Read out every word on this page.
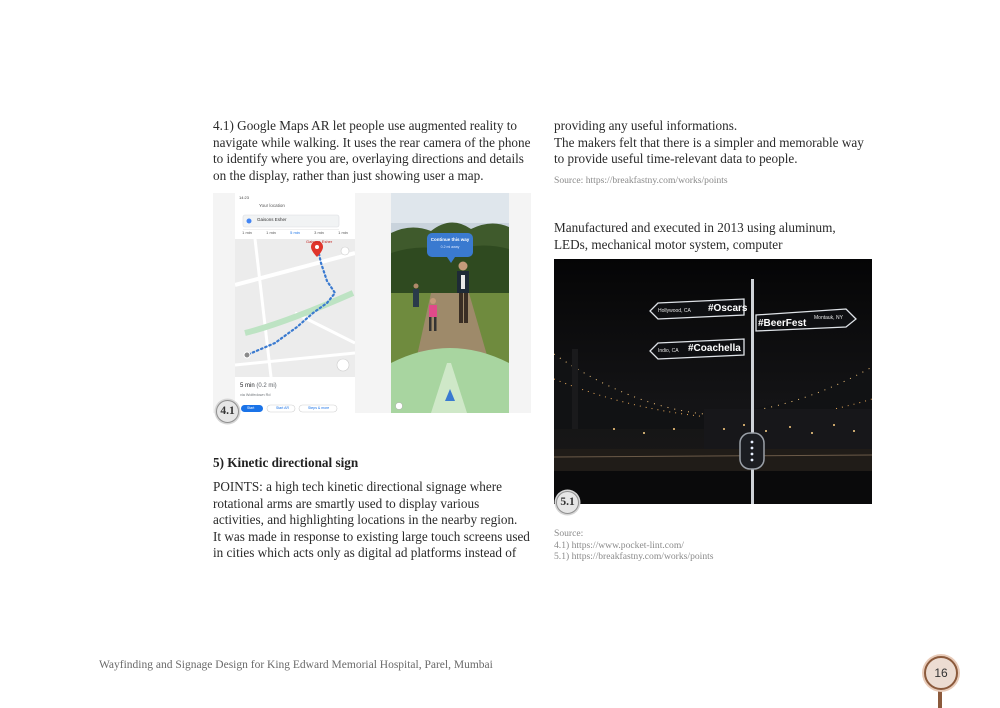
4.1) Google Maps AR let people use augmented reality to
navigate while walking. It uses the rear camera of the phone
to identify where you are, overlaying directions and details
on the display, rather than just showing user a map.
14:23
Your location
Gaisons Esher
1 min	1 min	5 min	3 min	1 min
Gaisons Esher
5 min (0.2 mi)
via Wolfedown Rd
Start	Start AR	Steps & more
Continue this way
0.2 mi away
4.1
5) Kinetic directional sign
POINTS: a high tech kinetic directional signage where
rotational arms are smartly used to display various
activities, and highlighting locations in the nearby region.
It was made in response to existing large touch screens used
in cities which acts only as digital ad platforms instead of
providing any useful informations.
The makers felt that there is a simpler and memorable way
to provide useful time-relevant data to people.
Source: https://breakfastny.com/works/points
Manufactured and executed in 2013 using aluminum,
LEDs, mechanical motor system, computer
Hollywood, CA #Oscars
#BeerFest Montauk, NY
Indio, CA #Coachella
5.1
Source:
4.1) https://www.pocket-lint.com/
5.1) https://breakfastny.com/works/points
Wayfinding and Signage Design for King Edward Memorial Hospital, Parel, Mumbai
16
